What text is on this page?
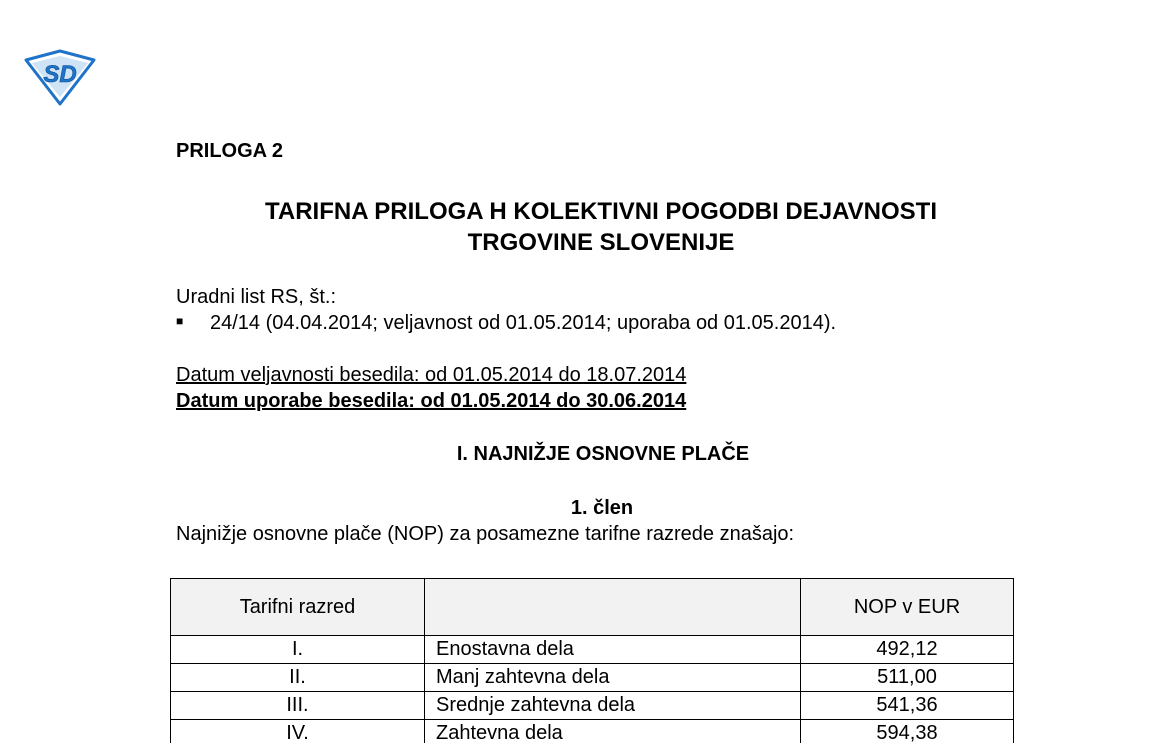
SD
PRILOGA 2
TARIFNA PRILOGA H KOLEKTIVNI POGODBI DEJAVNOSTI
TRGOVINE SLOVENIJE
Uradni list RS, št.:
■ 24/14 (04.04.2014; veljavnost od 01.05.2014; uporaba od 01.05.2014).
Datum veljavnosti besedila: od 01.05.2014 do 18.07.2014
Datum uporabe besedila: od 01.05.2014 do 30.06.2014
I. NAJNIŽJE OSNOVNE PLAČE
1. člen
Najnižje osnovne plače (NOP) za posamezne tarifne razrede znašajo:
Tarifni razred		NOP v EUR
I.	Enostavna dela	492,12
II.	Manj zahtevna dela	511,00
III.	Srednje zahtevna dela	541,36
IV.	Zahtevna dela	594,38
